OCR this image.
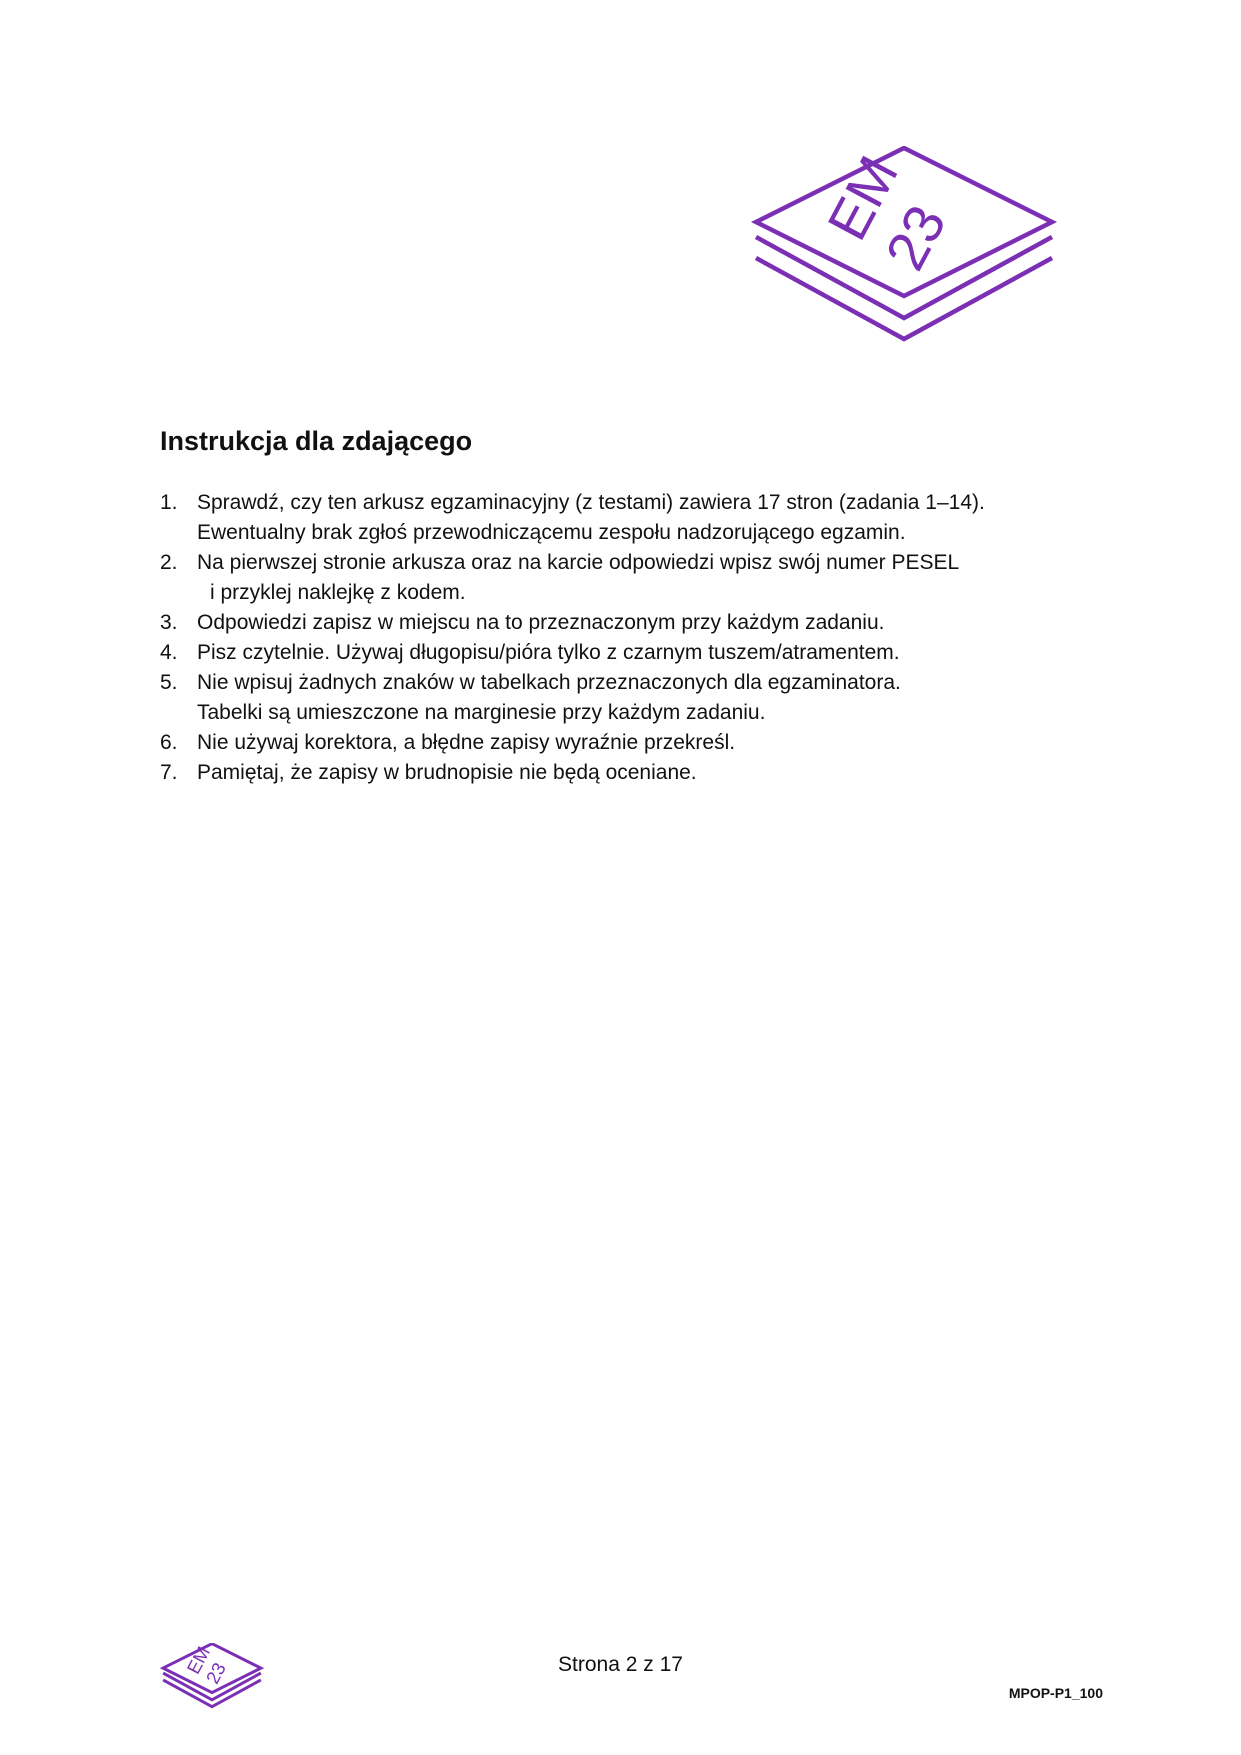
EM
23
Instrukcja dla zdającego
1. Sprawdź, czy ten arkusz egzaminacyjny (z testami) zawiera 17 stron (zadania 1–14).
Ewentualny brak zgłoś przewodniczącemu zespołu nadzorującego egzamin.
2. Na pierwszej stronie arkusza oraz na karcie odpowiedzi wpisz swój numer PESEL
i przyklej naklejkę z kodem.
3. Odpowiedzi zapisz w miejscu na to przeznaczonym przy każdym zadaniu.
4. Pisz czytelnie. Używaj długopisu/pióra tylko z czarnym tuszem/atramentem.
5. Nie wpisuj żadnych znaków w tabelkach przeznaczonych dla egzaminatora.
Tabelki są umieszczone na marginesie przy każdym zadaniu.
6. Nie używaj korektora, a błędne zapisy wyraźnie przekreśl.
7. Pamiętaj, że zapisy w brudnopisie nie będą oceniane.
EM
23	Strona 2 z 17
MPOP-P1_100
